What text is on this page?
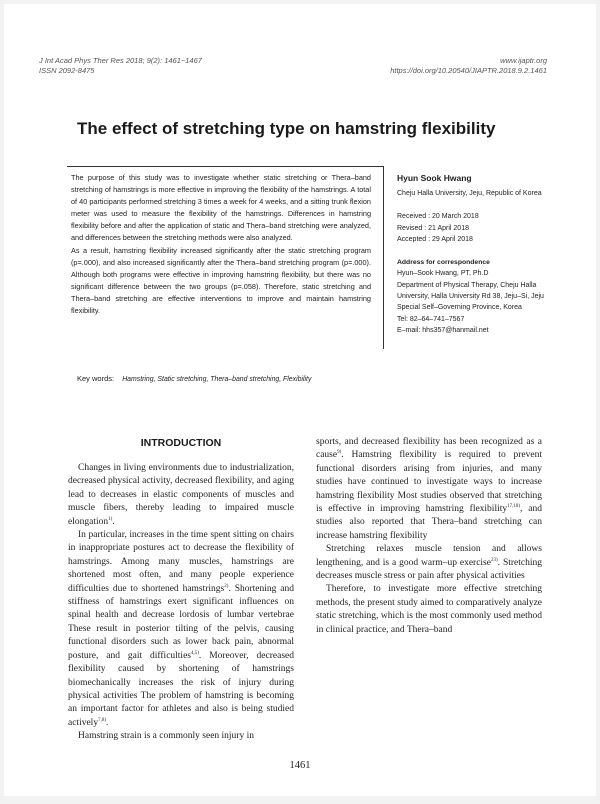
J Int Acad Phys Ther Res 2018; 9(2): 1461~1467
ISSN 2092-8475
www.ijaptr.org
https://doi.org/10.20540/JIAPTR.2018.9.2.1461
The effect of stretching type on hamstring flexibility

The purpose of this study was to investigate whether static stretching or Thera–band stretching of hamstrings is more effective in improving the flexibility of the hamstrings. A total of 40 participants performed stretching 3 times a week for 4 weeks, and a sitting trunk flexion meter was used to measure the flexibility of the hamstrings. Differences in hamstring flexibility before and after the application of static and Thera–band stretching were analyzed, and differences between the stretching methods were also analyzed.

As a result, hamstring flexibility increased significantly after the static stretching program (p=.000), and also increased significantly after the Thera–band stretching program (p=.000). Although both programs were effective in improving hamstring flexibility, but there was no significant difference between the two groups (p=.058). Therefore, static stretching and Thera–band stretching are effective interventions to improve and maintain hamstring flexibility.

Hyun Sook Hwang
Cheju Halla University, Jeju, Republic of Korea
Received : 20 March 2018
Revised : 21 April 2018
Accepted : 29 April 2018
Address for correspondence
Hyun–Sook Hwang, PT, Ph.D
Department of Physical Therapy, Cheju Halla University, Halla University Rd 38, Jeju–Si, Jeju Special Self–Governing Province, Korea
Tel: 82–64–741–7567
E–mail: hhs357@hanmail.net
Key words: Hamstring, Static stretching, Thera–band stretching, Flexibility
INTRODUCTION

Changes in living environments due to industrialization, decreased physical activity, decreased flexibility, and aging lead to decreases in elastic components of muscles and muscle fibers, thereby leading to impaired muscle elongation$^{1)}$.

In particular, increases in the time spent sitting on chairs in inappropriate postures act to decrease the flexibility of hamstrings. Among many muscles, hamstrings are shortened most often, and many people experience difficulties due to shortened hamstrings$^{2)}$. Shortening and stiffness of hamstrings exert significant influences on spinal health and decrease lordosis of lumbar vertebrae These result in posterior tilting of the pelvis, causing functional disorders such as lower back pain, abnormal posture, and gait difficulties$^{4,5)}$. Moreover, decreased flexibility caused by shortening of hamstrings biomechanically increases the risk of injury during physical activities The problem of hamstring is becoming an important factor for athletes and also is being studied actively$^{7,8)}$.

Hamstring strain is a commonly seen injury in

sports, and decreased flexibility has been recognized as a cause$^{9)}$. Hamstring flexibility is required to prevent functional disorders arising from injuries, and many studies have continued to investigate ways to increase hamstring flexibility Most studies observed that stretching is effective in improving hamstring flexibility$^{17,18)}$, and studies also reported that Thera–band stretching can increase hamstring flexibility

Stretching relaxes muscle tension and allows lengthening, and is a good warm–up exercise$^{23)}$. Stretching decreases muscle stress or pain after physical activities

Therefore, to investigate more effective stretching methods, the present study aimed to comparatively analyze static stretching, which is the most commonly used method in clinical practice, and Thera–band

1461
